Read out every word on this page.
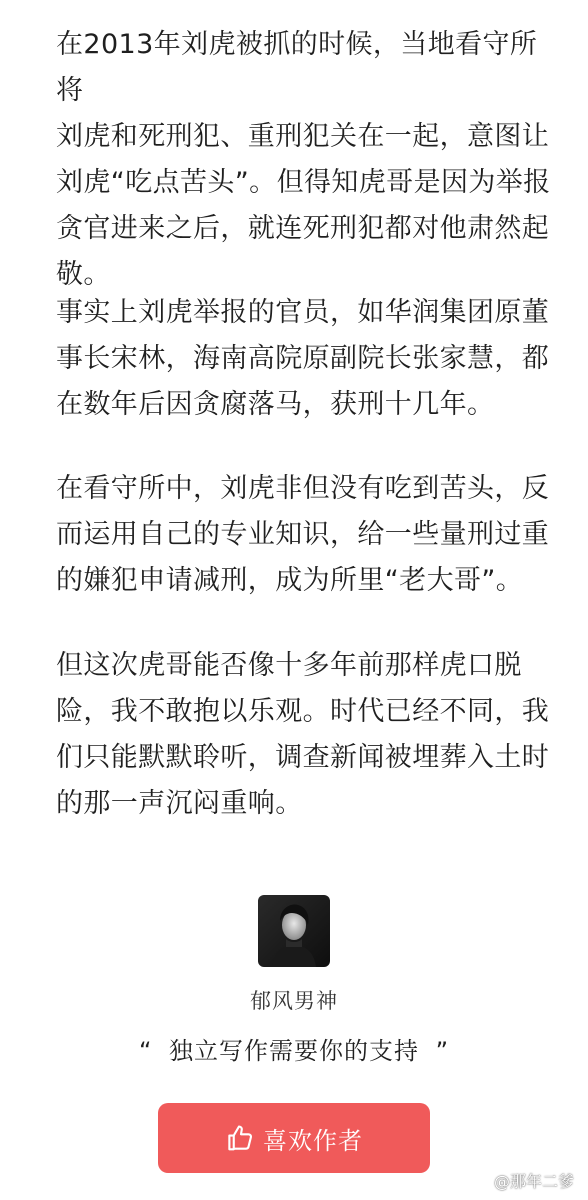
在2013年刘虎被抓的时候，当地看守所将
刘虎和死刑犯、重刑犯关在一起，意图让
刘虎“吃点苦头”。但得知虎哥是因为举报
贪官进来之后，就连死刑犯都对他肃然起
敬。

事实上刘虎举报的官员，如华润集团原董
事长宋林，海南高院原副院长张家慧，都
在数年后因贪腐落马，获刑十几年。

在看守所中，刘虎非但没有吃到苦头，反
而运用自己的专业知识，给一些量刑过重
的嫌犯申请减刑，成为所里“老大哥”。

但这次虎哥能否像十多年前那样虎口脱
险，我不敢抱以乐观。时代已经不同，我
们只能默默聆听，调查新闻被埋葬入土时
的那一声沉闷重响。

郁风男神
“ 独立写作需要你的支持 ”
喜欢作者
@那年二爹
